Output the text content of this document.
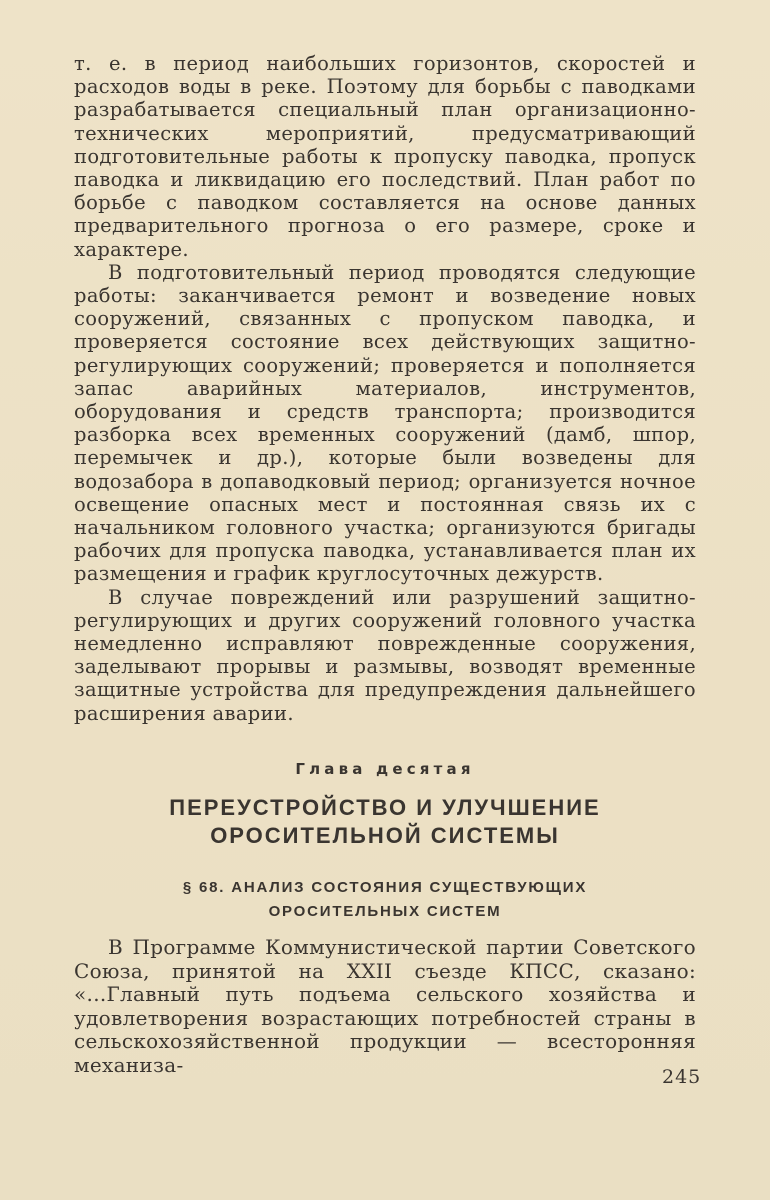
т. е. в период наибольших горизонтов, скоростей и расходов воды в реке. Поэтому для борьбы с паводками разрабатывается специальный план организационно-технических мероприятий, предусматривающий подготовительные работы к пропуску паводка, пропуск паводка и ликвидацию его последствий. План работ по борьбе с паводком составляется на основе данных предварительного прогноза о его размере, сроке и характере.

В подготовительный период проводятся следующие работы: заканчивается ремонт и возведение новых сооружений, связанных с пропуском паводка, и проверяется состояние всех действующих защитно-регулирующих сооружений; проверяется и пополняется запас аварийных материалов, инструментов, оборудования и средств транспорта; производится разборка всех временных сооружений (дамб, шпор, перемычек и др.), которые были возведены для водозабора в допаводковый период; организуется ночное освещение опасных мест и постоянная связь их с начальником головного участка; организуются бригады рабочих для пропуска паводка, устанавливается план их размещения и график круглосуточных дежурств.

В случае повреждений или разрушений защитно-регулирующих и других сооружений головного участка немедленно исправляют поврежденные сооружения, заделывают прорывы и размывы, возводят временные защитные устройства для предупреждения дальнейшего расширения аварии.

Глава десятая
ПЕРЕУСТРОЙСТВО И УЛУЧШЕНИЕ
ОРОСИТЕЛЬНОЙ СИСТЕМЫ
§ 68. АНАЛИЗ СОСТОЯНИЯ СУЩЕСТВУЮЩИХ
ОРОСИТЕЛЬНЫХ СИСТЕМ

В Программе Коммунистической партии Советского Союза, принятой на XXII съезде КПСС, сказано: «...Главный путь подъема сельского хозяйства и удовлетворения возрастающих потребностей страны в сельскохозяйственной продукции — всесторонняя механиза-

245
